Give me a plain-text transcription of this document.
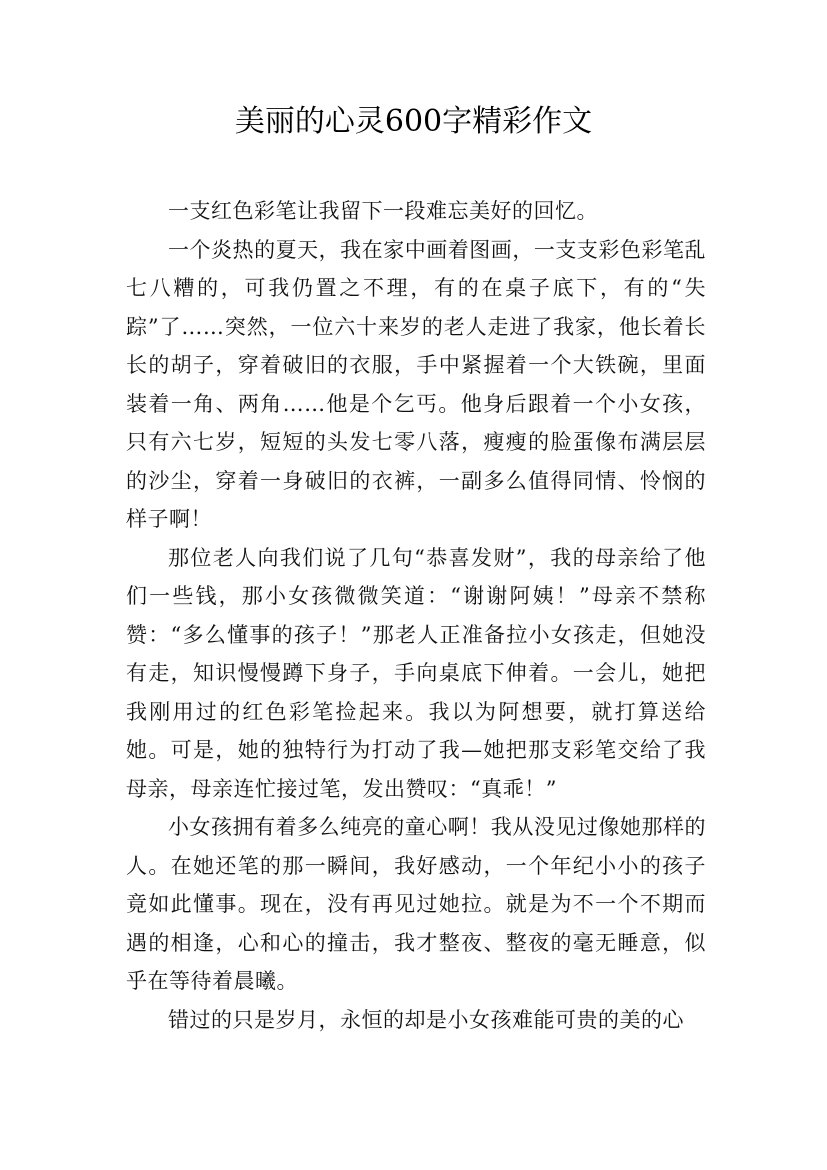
美丽的心灵600字精彩作文

一支红色彩笔让我留下一段难忘美好的回忆。

一个炎热的夏天，我在家中画着图画，一支支彩色彩笔乱七八糟的，可我仍置之不理，有的在桌子底下，有的“失踪”了……突然，一位六十来岁的老人走进了我家，他长着长长的胡子，穿着破旧的衣服，手中紧握着一个大铁碗，里面装着一角、两角……他是个乞丐。他身后跟着一个小女孩，只有六七岁，短短的头发七零八落，瘦瘦的脸蛋像布满层层的沙尘，穿着一身破旧的衣裤，一副多么值得同情、怜悯的样子啊！

那位老人向我们说了几句“恭喜发财”，我的母亲给了他们一些钱，那小女孩微微笑道：“谢谢阿姨！”母亲不禁称赞：“多么懂事的孩子！”那老人正准备拉小女孩走，但她没有走，知识慢慢蹲下身子，手向桌底下伸着。一会儿，她把我刚用过的红色彩笔捡起来。我以为阿想要，就打算送给她。可是，她的独特行为打动了我—她把那支彩笔交给了我母亲，母亲连忙接过笔，发出赞叹：“真乖！”

小女孩拥有着多么纯亮的童心啊！我从没见过像她那样的人。在她还笔的那一瞬间，我好感动，一个年纪小小的孩子竟如此懂事。现在，没有再见过她拉。就是为不一个不期而遇的相逢，心和心的撞击，我才整夜、整夜的毫无睡意，似乎在等待着晨曦。

错过的只是岁月，永恒的却是小女孩难能可贵的美的心
